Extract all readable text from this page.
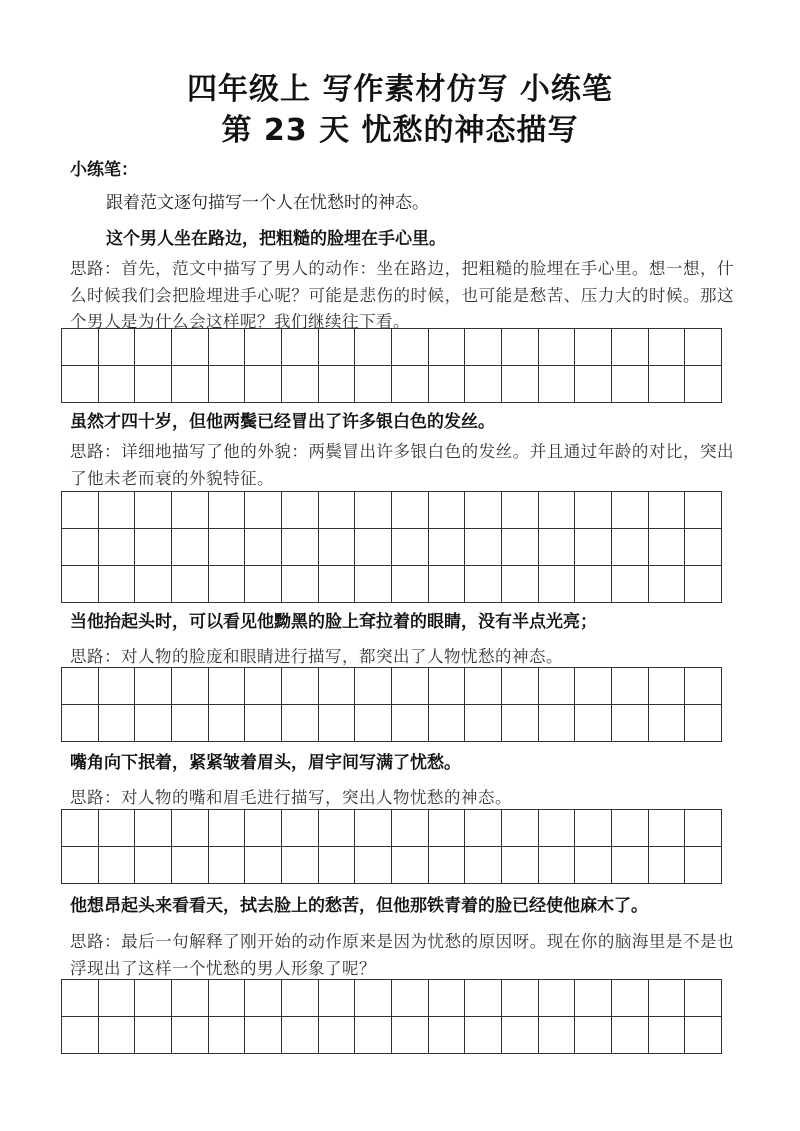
四年级上 写作素材仿写 小练笔
第 23 天 忧愁的神态描写
小练笔：
跟着范文逐句描写一个人在忧愁时的神态。
这个男人坐在路边，把粗糙的脸埋在手心里。
思路：首先，范文中描写了男人的动作：坐在路边，把粗糙的脸埋在手心里。想一想，什么时候我们会把脸埋进手心呢？可能是悲伤的时候，也可能是愁苦、压力大的时候。那这个男人是为什么会这样呢？我们继续往下看。
虽然才四十岁，但他两鬓已经冒出了许多银白色的发丝。
思路：详细地描写了他的外貌：两鬓冒出许多银白色的发丝。并且通过年龄的对比，突出了他未老而衰的外貌特征。
当他抬起头时，可以看见他黝黑的脸上耷拉着的眼睛，没有半点光亮；
思路：对人物的脸庞和眼睛进行描写，都突出了人物忧愁的神态。
嘴角向下抿着，紧紧皱着眉头，眉宇间写满了忧愁。
思路：对人物的嘴和眉毛进行描写，突出人物忧愁的神态。
他想昂起头来看看天，拭去脸上的愁苦，但他那铁青着的脸已经使他麻木了。
思路：最后一句解释了刚开始的动作原来是因为忧愁的原因呀。现在你的脑海里是不是也浮现出了这样一个忧愁的男人形象了呢？
